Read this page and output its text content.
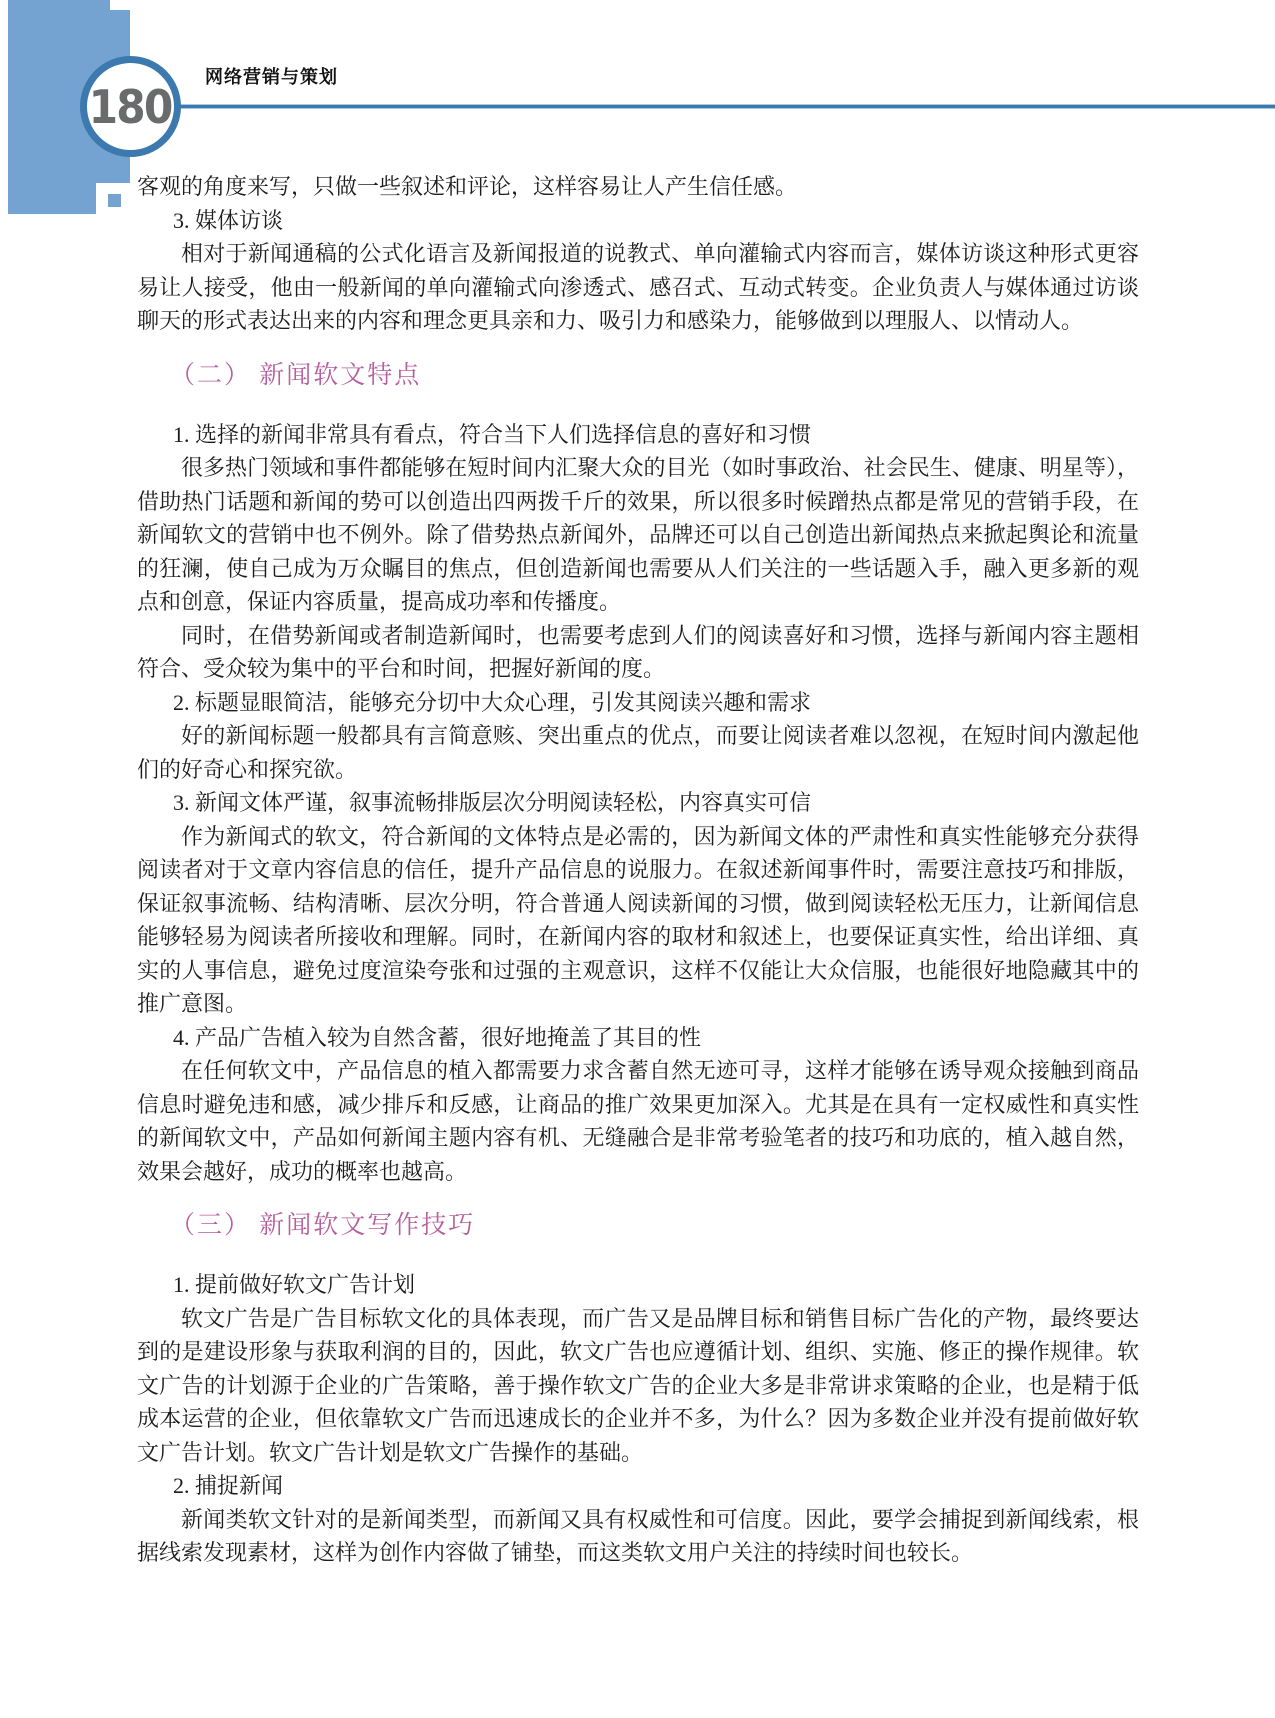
180
网络营销与策划

客观的角度来写，只做一些叙述和评论，这样容易让人产生信任感。

3. 媒体访谈

相对于新闻通稿的公式化语言及新闻报道的说教式、单向灌输式内容而言，媒体访谈这种形式更容易让人接受，他由一般新闻的单向灌输式向渗透式、感召式、互动式转变。企业负责人与媒体通过访谈聊天的形式表达出来的内容和理念更具亲和力、吸引力和感染力，能够做到以理服人、以情动人。

（二） 新闻软文特点

1. 选择的新闻非常具有看点，符合当下人们选择信息的喜好和习惯

很多热门领域和事件都能够在短时间内汇聚大众的目光（如时事政治、社会民生、健康、明星等），借助热门话题和新闻的势可以创造出四两拨千斤的效果，所以很多时候蹭热点都是常见的营销手段，在新闻软文的营销中也不例外。除了借势热点新闻外，品牌还可以自己创造出新闻热点来掀起舆论和流量的狂澜，使自己成为万众瞩目的焦点，但创造新闻也需要从人们关注的一些话题入手，融入更多新的观点和创意，保证内容质量，提高成功率和传播度。

同时，在借势新闻或者制造新闻时，也需要考虑到人们的阅读喜好和习惯，选择与新闻内容主题相符合、受众较为集中的平台和时间，把握好新闻的度。

2. 标题显眼简洁，能够充分切中大众心理，引发其阅读兴趣和需求

好的新闻标题一般都具有言简意赅、突出重点的优点，而要让阅读者难以忽视，在短时间内激起他们的好奇心和探究欲。

3. 新闻文体严谨，叙事流畅排版层次分明阅读轻松，内容真实可信

作为新闻式的软文，符合新闻的文体特点是必需的，因为新闻文体的严肃性和真实性能够充分获得阅读者对于文章内容信息的信任，提升产品信息的说服力。在叙述新闻事件时，需要注意技巧和排版，保证叙事流畅、结构清晰、层次分明，符合普通人阅读新闻的习惯，做到阅读轻松无压力，让新闻信息能够轻易为阅读者所接收和理解。同时，在新闻内容的取材和叙述上，也要保证真实性，给出详细、真实的人事信息，避免过度渲染夸张和过强的主观意识，这样不仅能让大众信服，也能很好地隐藏其中的推广意图。

4. 产品广告植入较为自然含蓄，很好地掩盖了其目的性

在任何软文中，产品信息的植入都需要力求含蓄自然无迹可寻，这样才能够在诱导观众接触到商品信息时避免违和感，减少排斥和反感，让商品的推广效果更加深入。尤其是在具有一定权威性和真实性的新闻软文中，产品如何新闻主题内容有机、无缝融合是非常考验笔者的技巧和功底的，植入越自然，效果会越好，成功的概率也越高。

（三） 新闻软文写作技巧

1. 提前做好软文广告计划

软文广告是广告目标软文化的具体表现，而广告又是品牌目标和销售目标广告化的产物，最终要达到的是建设形象与获取利润的目的，因此，软文广告也应遵循计划、组织、实施、修正的操作规律。软文广告的计划源于企业的广告策略，善于操作软文广告的企业大多是非常讲求策略的企业，也是精于低成本运营的企业，但依靠软文广告而迅速成长的企业并不多，为什么？因为多数企业并没有提前做好软文广告计划。软文广告计划是软文广告操作的基础。

2. 捕捉新闻

新闻类软文针对的是新闻类型，而新闻又具有权威性和可信度。因此，要学会捕捉到新闻线索，根据线索发现素材，这样为创作内容做了铺垫，而这类软文用户关注的持续时间也较长。
